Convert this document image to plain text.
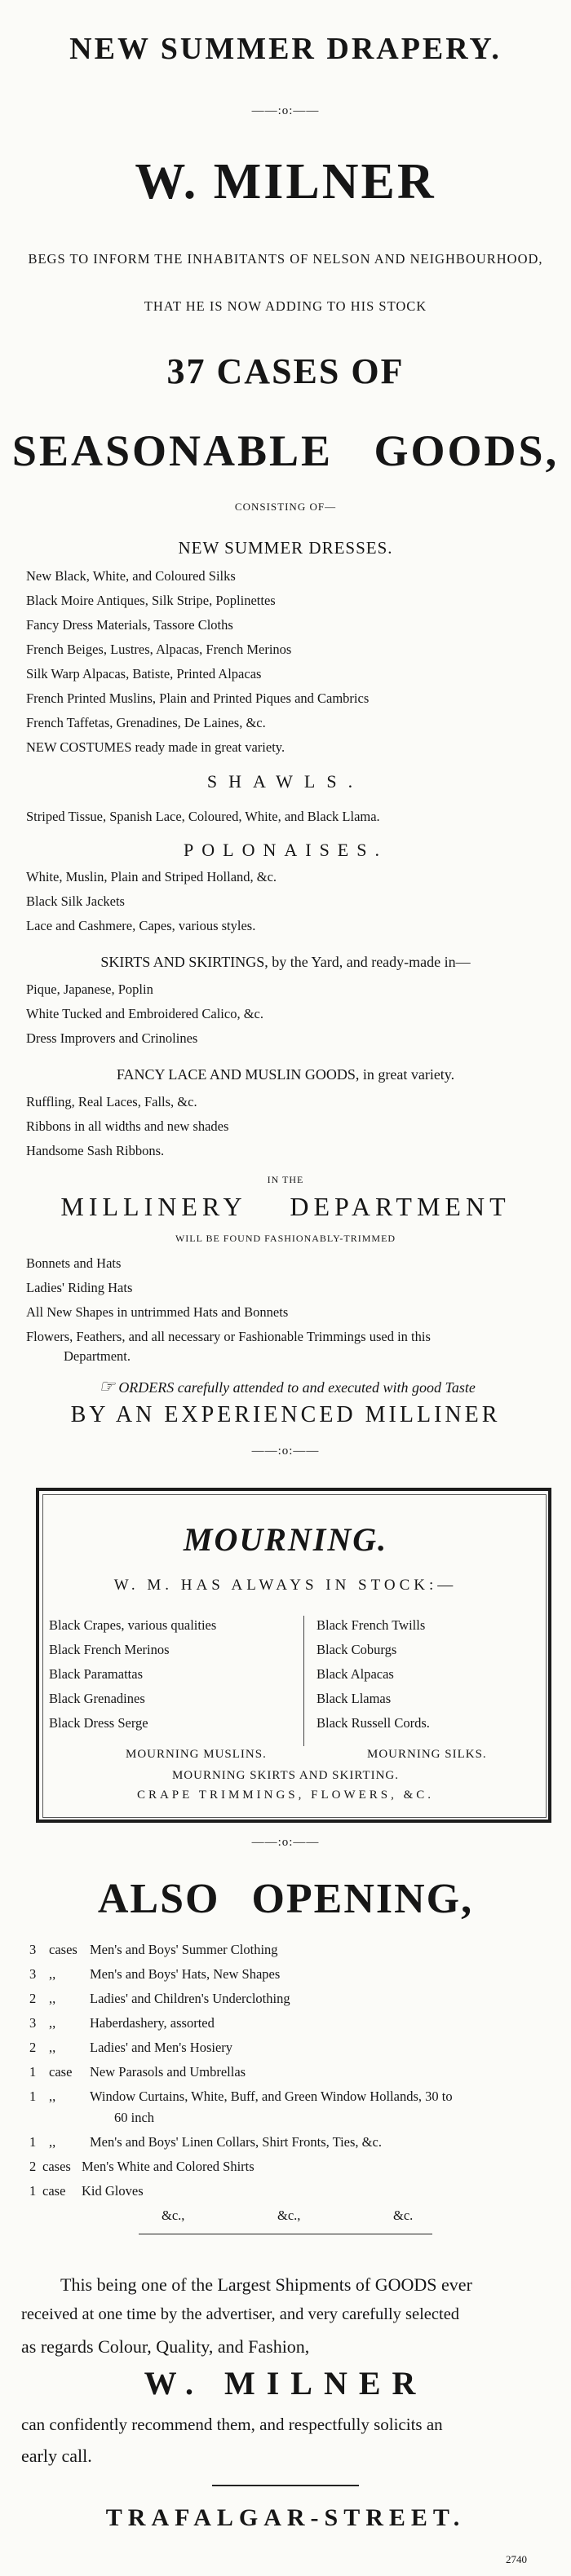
NEW SUMMER DRAPERY.
——:o:——
W. MILNER
BEGS TO INFORM THE INHABITANTS OF NELSON AND NEIGHBOURHOOD,
THAT HE IS NOW ADDING TO HIS STOCK
37 CASES OF
SEASONABLE GOODS,
CONSISTING OF—
NEW SUMMER DRESSES.
New Black, White, and Coloured Silks
Black Moire Antiques, Silk Stripe, Poplinettes
Fancy Dress Materials, Tassore Cloths
French Beiges, Lustres, Alpacas, French Merinos
Silk Warp Alpacas, Batiste, Printed Alpacas
French Printed Muslins, Plain and Printed Piques and Cambrics
French Taffetas, Grenadines, De Laines, &c.
NEW COSTUMES ready made in great variety.
SHAWLS.
Striped Tissue, Spanish Lace, Coloured, White, and Black Llama.
POLONAISES.
White, Muslin, Plain and Striped Holland, &c.
Black Silk Jackets
Lace and Cashmere, Capes, various styles.
SKIRTS AND SKIRTINGS, by the Yard, and ready-made in—
Pique, Japanese, Poplin
White Tucked and Embroidered Calico, &c.
Dress Improvers and Crinolines
FANCY LACE AND MUSLIN GOODS, in great variety.
Ruffling, Real Laces, Falls, &c.
Ribbons in all widths and new shades
Handsome Sash Ribbons.
IN THE
MILLINERY DEPARTMENT
WILL BE FOUND FASHIONABLY-TRIMMED
Bonnets and Hats
Ladies' Riding Hats
All New Shapes in untrimmed Hats and Bonnets
Flowers, Feathers, and all necessary or Fashionable Trimmings used in this
Department.
☞ ORDERS carefully attended to and executed with good Taste
BY AN EXPERIENCED MILLINER
——:o:——
MOURNING.
W. M. HAS ALWAYS IN STOCK:—
Black Crapes, various qualities
Black French Merinos
Black Paramattas
Black Grenadines
Black Dress Serge
Black French Twills
Black Coburgs
Black Alpacas
Black Llamas
Black Russell Cords.
MOURNING MUSLINS.	MOURNING SILKS.
MOURNING SKIRTS AND SKIRTING.
CRAPE TRIMMINGS, FLOWERS, &C.
——:o:——
ALSO OPENING,
3 cases Men's and Boys' Summer Clothing
3 ,,	Men's and Boys' Hats, New Shapes
2 ,,	Ladies' and Children's Underclothing
3 ,,	Haberdashery, assorted
2 ,,	Ladies' and Men's Hosiery
1 case New Parasols and Umbrellas
1 ,,	Window Curtains, White, Buff, and Green Window Hollands, 30 to
60 inch
1 ,,	Men's and Boys' Linen Collars, Shirt Fronts, Ties, &c.
2 cases Men's White and Colored Shirts
1 case Kid Gloves
&c.,	&c.,	&c.
This being one of the Largest Shipments of GOODS ever
received at one time by the advertiser, and very carefully selected
as regards Colour, Quality, and Fashion,
W. MILNER
can confidently recommend them, and respectfully solicits an
early call.
TRAFALGAR-STREET.
2740
